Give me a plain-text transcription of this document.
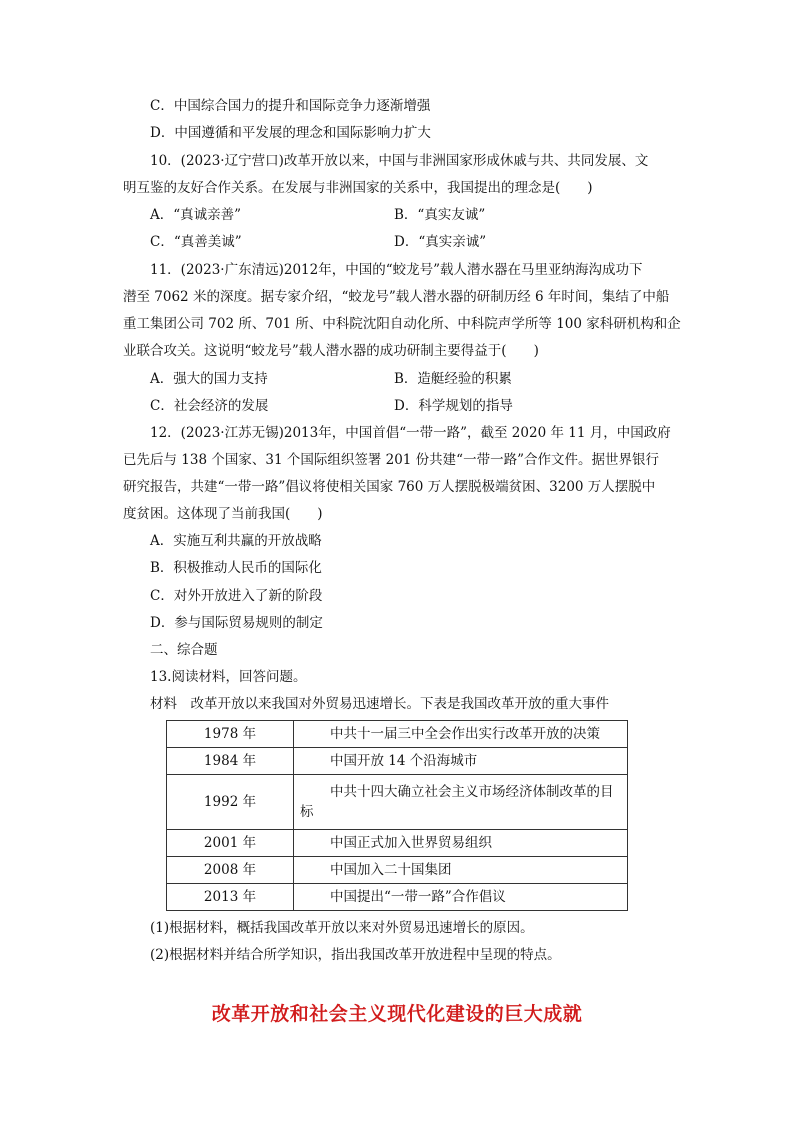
C．中国综合国力的提升和国际竞争力逐渐增强
D．中国遵循和平发展的理念和国际影响力扩大
10．(2023·辽宁营口)改革开放以来，中国与非洲国家形成休戚与共、共同发展、文
明互鉴的友好合作关系。在发展与非洲国家的关系中，我国提出的理念是(　　)
A．“真诚亲善”	B．“真实友诚”
C．“真善美诚”	D．“真实亲诚”
11．(2023·广东清远)2012年，中国的“蛟龙号”载人潜水器在马里亚纳海沟成功下
潜至 7062 米的深度。据专家介绍，“蛟龙号”载人潜水器的研制历经 6 年时间，集结了中船
重工集团公司 702 所、701 所、中科院沈阳自动化所、中科院声学所等 100 家科研机构和企
业联合攻关。这说明“蛟龙号”载人潜水器的成功研制主要得益于(　　)
A．强大的国力支持	B．造艇经验的积累
C．社会经济的发展	D．科学规划的指导
12．(2023·江苏无锡)2013年，中国首倡“一带一路”，截至 2020 年 11 月，中国政府
已先后与 138 个国家、31 个国际组织签署 201 份共建“一带一路”合作文件。据世界银行
研究报告，共建“一带一路”倡议将使相关国家 760 万人摆脱极端贫困、3200 万人摆脱中
度贫困。这体现了当前我国(　　)
A．实施互利共赢的开放战略
B．积极推动人民币的国际化
C．对外开放进入了新的阶段
D．参与国际贸易规则的制定
二、综合题
13.阅读材料，回答问题。
材料　改革开放以来我国对外贸易迅速增长。下表是我国改革开放的重大事件
1978 年	中共十一届三中全会作出实行改革开放的决策
1984 年	中国开放 14 个沿海城市
1992 年	中共十四大确立社会主义市场经济体制改革的目标
2001 年	中国正式加入世界贸易组织
2008 年	中国加入二十国集团
2013 年	中国提出“一带一路”合作倡议
(1)根据材料，概括我国改革开放以来对外贸易迅速增长的原因。
(2)根据材料并结合所学知识，指出我国改革开放进程中呈现的特点。
改革开放和社会主义现代化建设的巨大成就
